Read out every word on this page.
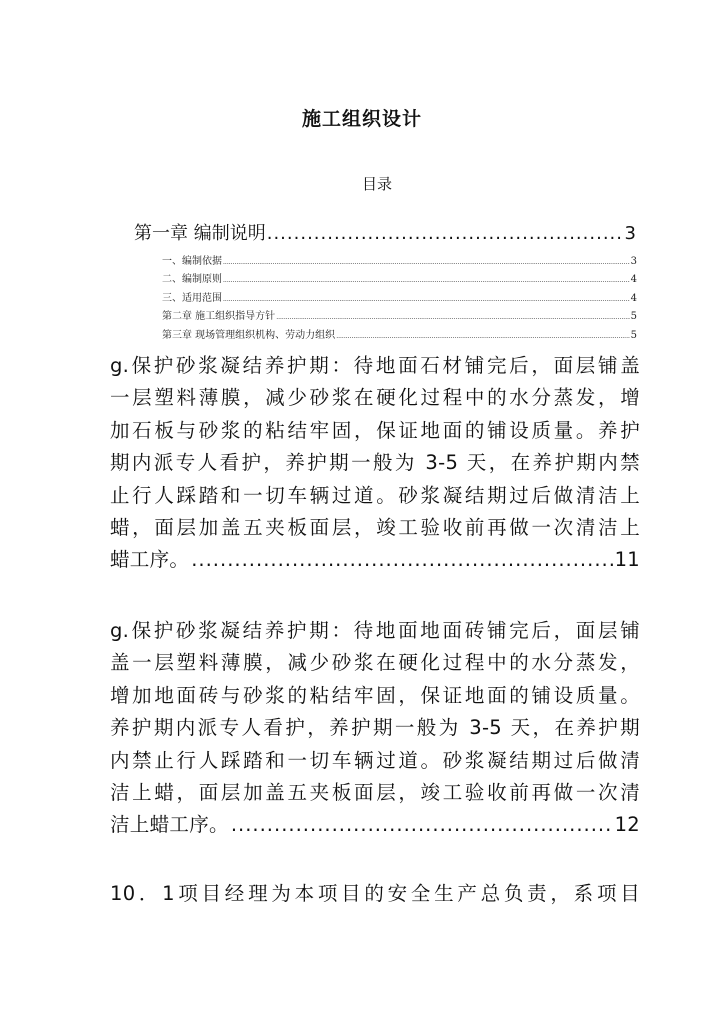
施工组织设计
目录
第一章 编制说明 .....	3
一、编制依据 .....	3
二、编制原则 .....	4
三、适用范围 .....	4
第二章 施工组织指导方针 .....	5
第三章 现场管理组织机构、劳动力组织 .....	5
g.保护砂浆凝结养护期：待地面石材铺完后，面层铺盖
一层塑料薄膜，减少砂浆在硬化过程中的水分蒸发，增
加石板与砂浆的粘结牢固，保证地面的铺设质量。养护
期内派专人看护，养护期一般为 3-5 天，在养护期内禁
止行人踩踏和一切车辆过道。砂浆凝结期过后做清洁上
蜡，面层加盖五夹板面层，竣工验收前再做一次清洁上
蜡工序。 .....	11
g.保护砂浆凝结养护期：待地面地面砖铺完后，面层铺
盖一层塑料薄膜，减少砂浆在硬化过程中的水分蒸发，
增加地面砖与砂浆的粘结牢固，保证地面的铺设质量。
养护期内派专人看护，养护期一般为 3-5 天，在养护期
内禁止行人踩踏和一切车辆过道。砂浆凝结期过后做清
洁上蜡，面层加盖五夹板面层，竣工验收前再做一次清
洁上蜡工序。 .....	12
10．1项目经理为本项目的安全生产总负责，系项目
